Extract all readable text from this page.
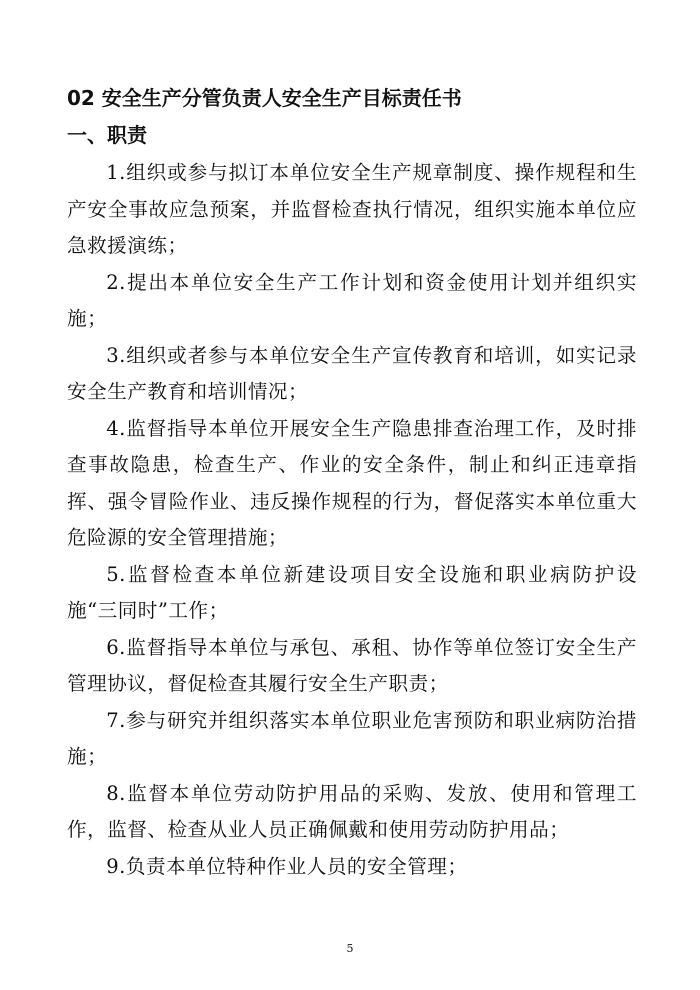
02 安全生产分管负责人安全生产目标责任书
一、职责

1.组织或参与拟订本单位安全生产规章制度、操作规程和生产安全事故应急预案，并监督检查执行情况，组织实施本单位应急救援演练；

2.提出本单位安全生产工作计划和资金使用计划并组织实施；

3.组织或者参与本单位安全生产宣传教育和培训，如实记录安全生产教育和培训情况；

4.监督指导本单位开展安全生产隐患排查治理工作，及时排查事故隐患，检查生产、作业的安全条件，制止和纠正违章指挥、强令冒险作业、违反操作规程的行为，督促落实本单位重大危险源的安全管理措施；

5.监督检查本单位新建设项目安全设施和职业病防护设施“三同时”工作；

6.监督指导本单位与承包、承租、协作等单位签订安全生产管理协议，督促检查其履行安全生产职责；

7.参与研究并组织落实本单位职业危害预防和职业病防治措施；

8.监督本单位劳动防护用品的采购、发放、使用和管理工作，监督、检查从业人员正确佩戴和使用劳动防护用品；

9.负责本单位特种作业人员的安全管理；

5
